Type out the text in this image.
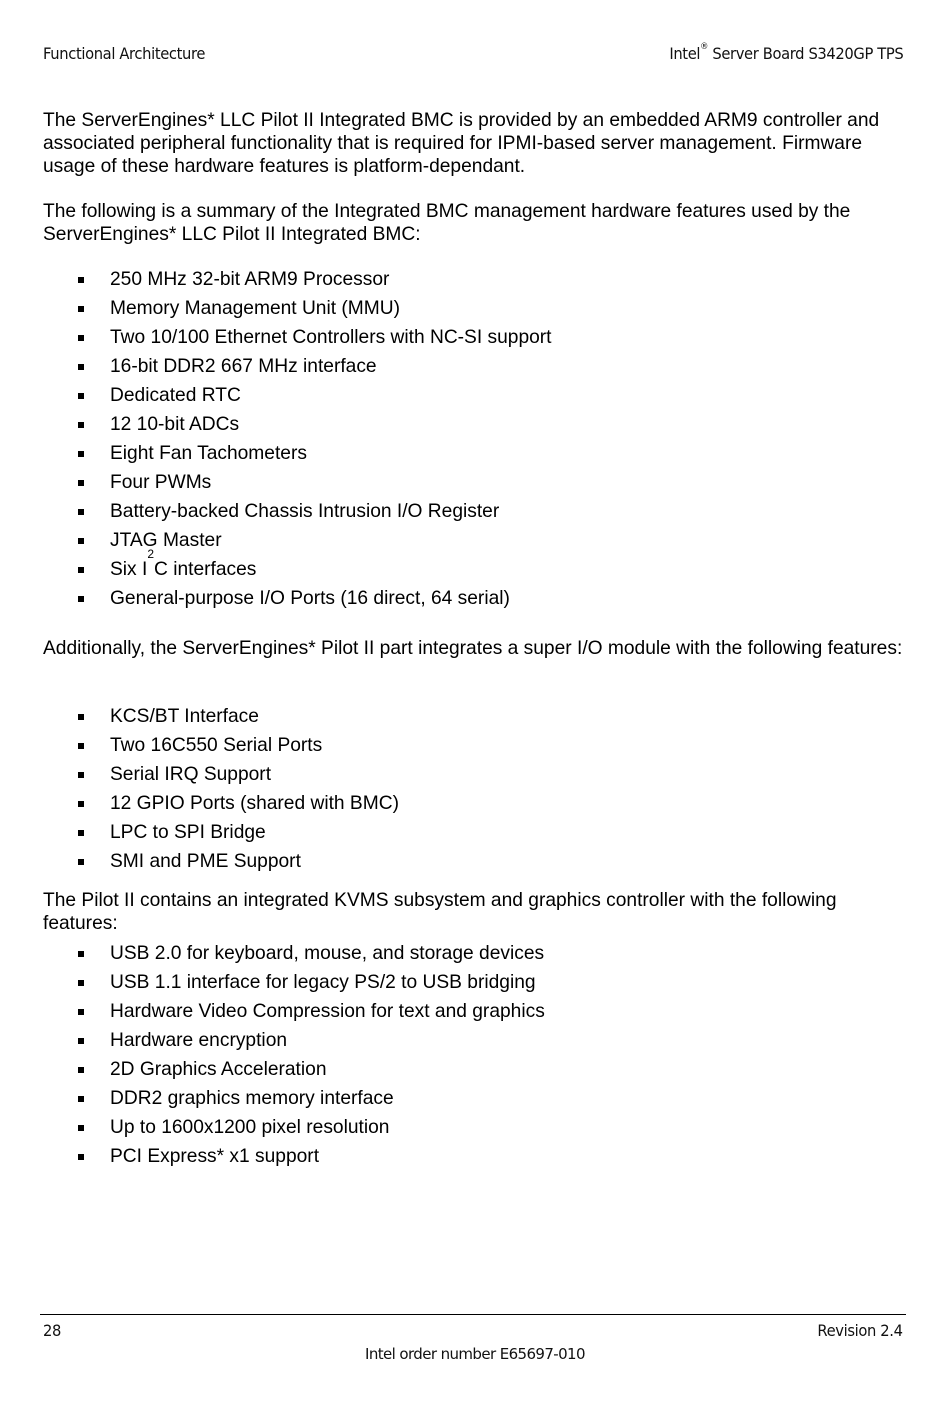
Functional Architecture	Intel® Server Board S3420GP TPS

The ServerEngines* LLC Pilot II Integrated BMC is provided by an embedded ARM9 controller and associated peripheral functionality that is required for IPMI-based server management. Firmware usage of these hardware features is platform-dependant.

The following is a summary of the Integrated BMC management hardware features used by the ServerEngines* LLC Pilot II Integrated BMC:

250 MHz 32-bit ARM9 Processor
Memory Management Unit (MMU)
Two 10/100 Ethernet Controllers with NC-SI support
16-bit DDR2 667 MHz interface
Dedicated RTC
12 10-bit ADCs
Eight Fan Tachometers
Four PWMs
Battery-backed Chassis Intrusion I/O Register
JTAG Master
Six $I^2C$ interfaces
General-purpose I/O Ports (16 direct, 64 serial)

Additionally, the ServerEngines* Pilot II part integrates a super I/O module with the following features:

KCS/BT Interface
Two 16C550 Serial Ports
Serial IRQ Support
12 GPIO Ports (shared with BMC)
LPC to SPI Bridge
SMI and PME Support

The Pilot II contains an integrated KVMS subsystem and graphics controller with the following features:

USB 2.0 for keyboard, mouse, and storage devices
USB 1.1 interface for legacy PS/2 to USB bridging
Hardware Video Compression for text and graphics
Hardware encryption
2D Graphics Acceleration
DDR2 graphics memory interface
Up to 1600x1200 pixel resolution
PCI Express* x1 support
28	Revision 2.4
Intel order number E65697-010
